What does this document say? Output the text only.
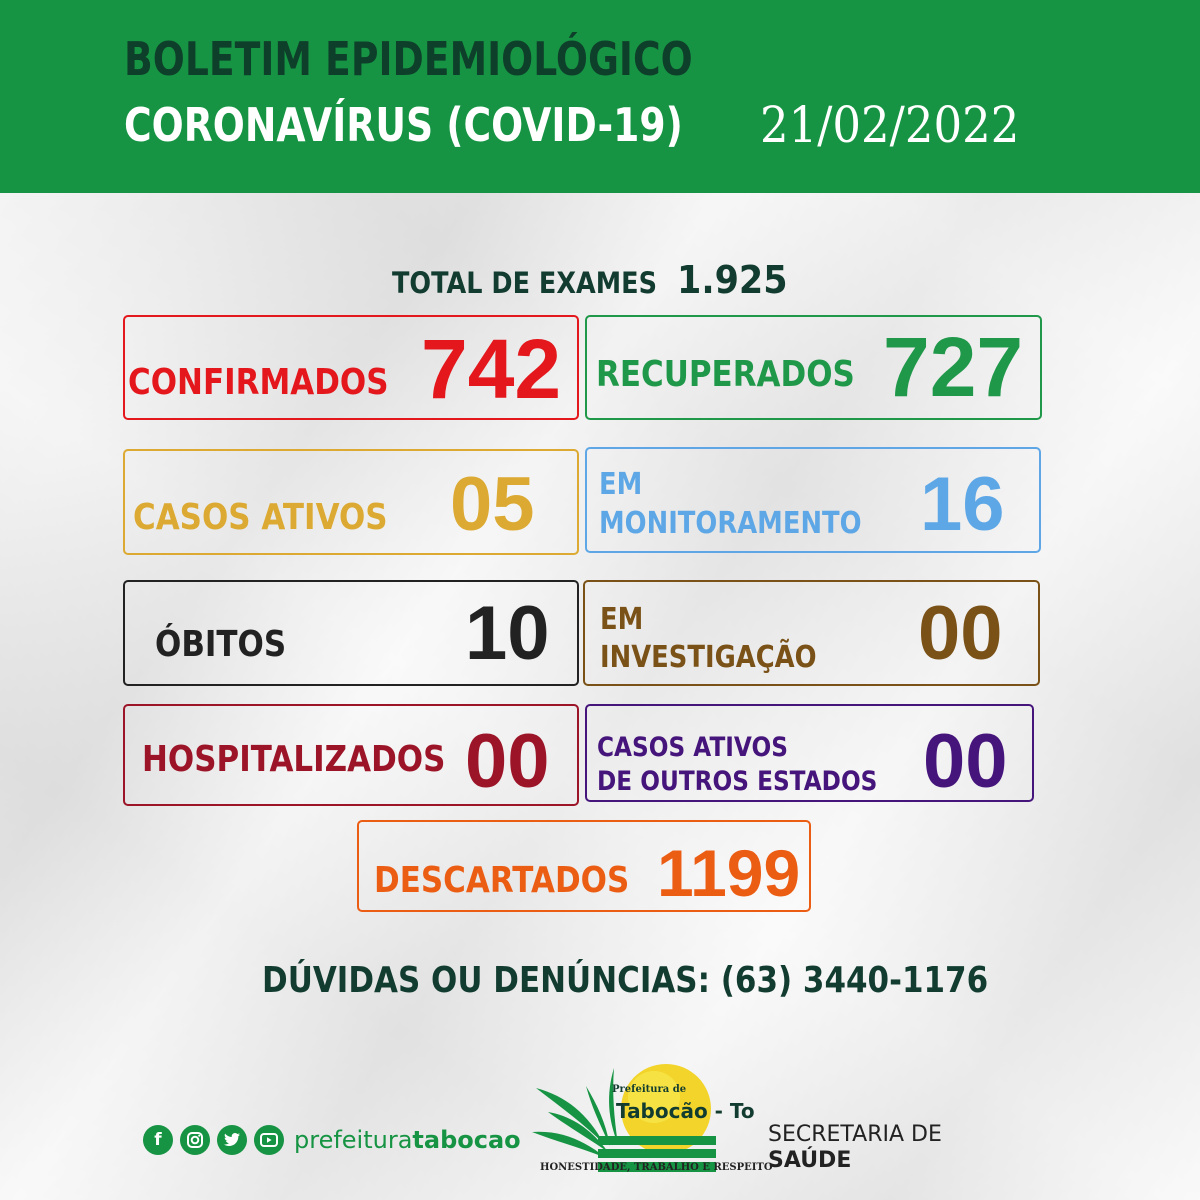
BOLETIM EPIDEMIOLÓGICO
CORONAVÍRUS (COVID-19) 21/02/2022
TOTAL DE EXAMES 1.925
CONFIRMADOS 742 RECUPERADOS 727
CASOS ATIVOS 05 EM
MONITORAMENTO 16
ÓBITOS 10 EM
INVESTIGAÇÃO 00
HOSPITALIZADOS 00 CASOS ATIVOS
DE OUTROS ESTADOS 00
DESCARTADOS 1199
DÚVIDAS OU DENÚNCIAS: (63) 3440-1176
f	prefeituratabocao
Prefeitura de
Tabocão - To
HONESTIDADE, TRABALHO E RESPEITO
SECRETARIA DE
SAÚDE
